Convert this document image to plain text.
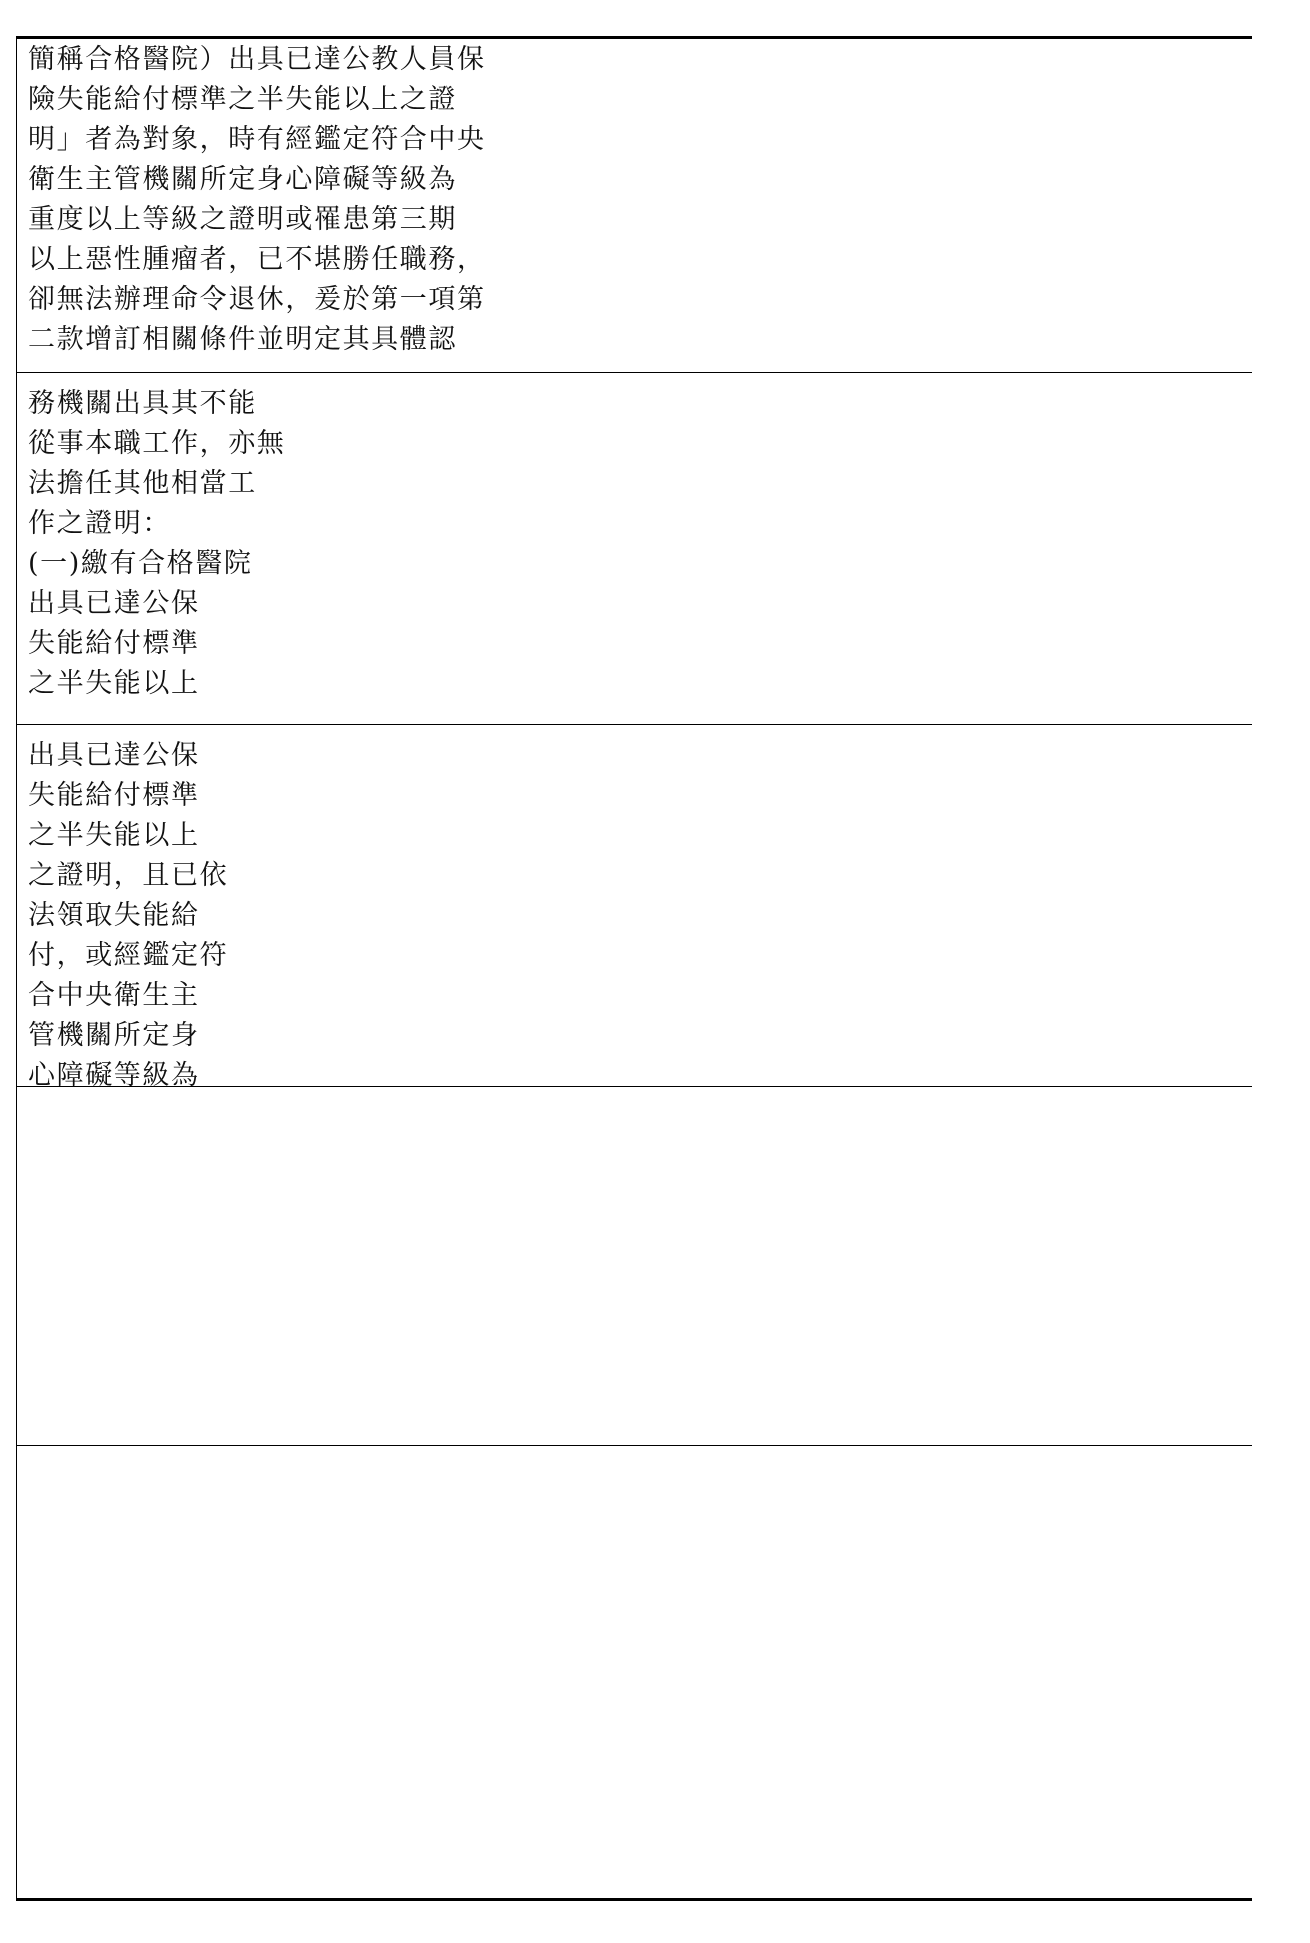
簡稱合格醫院）出具已達公教人員保
險失能給付標準之半失能以上之證
明」者為對象，時有經鑑定符合中央
衛生主管機關所定身心障礙等級為
重度以上等級之證明或罹患第三期
以上惡性腫瘤者，已不堪勝任職務，
卻無法辦理命令退休，爰於第一項第
二款增訂相關條件並明定其具體認
務機關出具其不能
從事本職工作，亦無
法擔任其他相當工
作之證明：
(一)繳有合格醫院
出具已達公保
失能給付標準
之半失能以上
出具已達公保
失能給付標準
之半失能以上
之證明，且已依
法領取失能給
付，或經鑑定符
合中央衛生主
管機關所定身
心障礙等級為
